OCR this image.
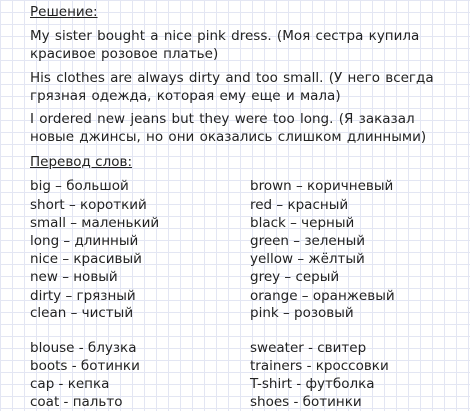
Решение:

My sister bought a nice pink dress. (Моя сестра купила красивое розовое платье)

His clothes are always dirty and too small. (У него всегда грязная одежда, которая ему еще и мала)

I ordered new jeans but they were too long. (Я заказал новые джинсы, но они оказались слишком длинными)

Перевод слов:
big – большой
short – короткий
small – маленький
long – длинный
nice – красивый
new – новый
dirty – грязный
clean – чистый
brown – коричневый
red – красный
black – черный
green – зеленый
yellow – жёлтый
grey – серый
orange – оранжевый
pink – розовый
blouse - блузка
boots - ботинки
cap - кепка
coat - пальто
sweater - свитер
trainers - кроссовки
T-shirt - футболка
shoes - ботинки
